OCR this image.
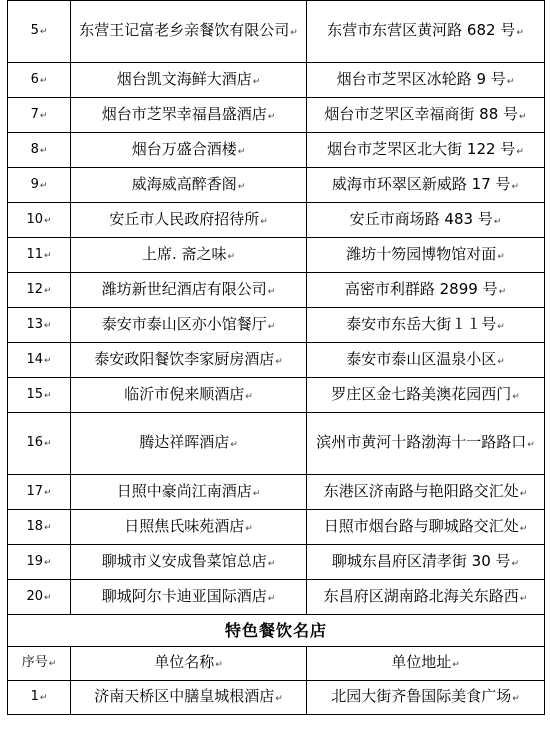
5↵	东营王记富老乡亲餐饮有限公司↵	东营市东营区黄河路 682 号↵
6↵	烟台凯文海鲜大酒店↵	烟台市芝罘区冰轮路 9 号↵
7↵	烟台市芝罘幸福昌盛酒店↵	烟台市芝罘区幸福商街 88 号↵
8↵	烟台万盛合酒楼↵	烟台市芝罘区北大街 122 号↵
9↵	威海威高醉香阁↵	威海市环翠区新威路 17 号↵
10↵	安丘市人民政府招待所↵	安丘市商场路 483 号↵
11↵	上席. 斋之味↵	潍坊十笏园博物馆对面↵
12↵	潍坊新世纪酒店有限公司↵	高密市利群路 2899 号↵
13↵	泰安市泰山区亦小馆餐厅↵	泰安市东岳大街１１号↵
14↵	泰安政阳餐饮李家厨房酒店↵	泰安市泰山区温泉小区↵
15↵	临沂市倪来顺酒店↵	罗庄区金七路美澳花园西门↵
16↵	腾达祥晖酒店↵	滨州市黄河十路渤海十一路路口↵
17↵	日照中豪尚江南酒店↵	东港区济南路与艳阳路交汇处↵
18↵	日照焦氏味苑酒店↵	日照市烟台路与聊城路交汇处↵
19↵	聊城市义安成鲁菜馆总店↵	聊城东昌府区清孝街 30 号↵
20↵	聊城阿尔卡迪亚国际酒店↵	东昌府区湖南路北海关东路西↵
特色餐饮名店		
序号↵	单位名称↵	单位地址↵
1↵	济南天桥区中膳皇城根酒店↵	北园大街齐鲁国际美食广场↵
